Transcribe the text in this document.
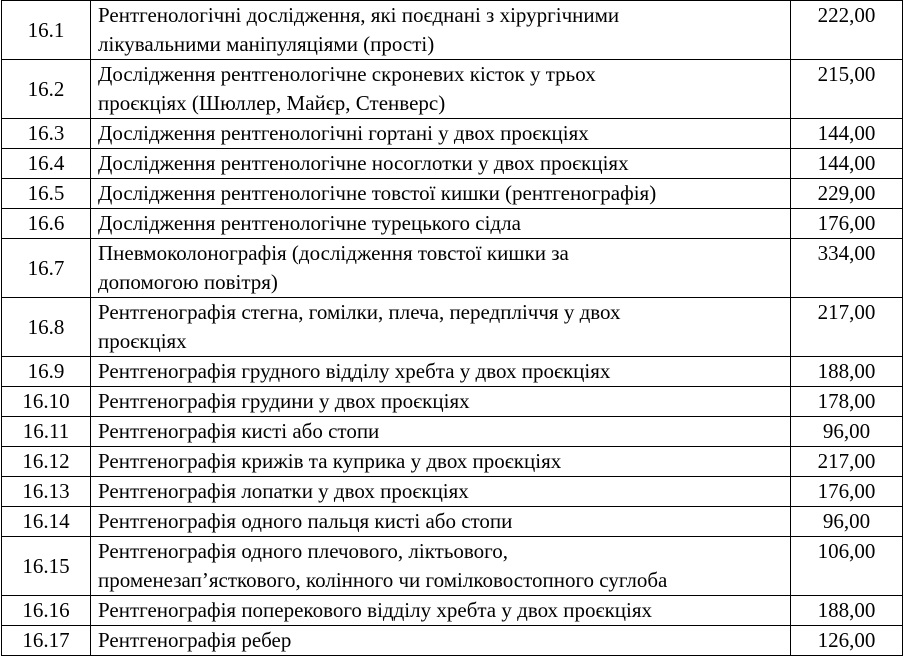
16.1	Рентгенологічні дослідження, які поєднані з хірургічними
лікувальними маніпуляціями (прості)	222,00
16.2	Дослідження рентгенологічне скроневих кісток у трьох
проєкціях (Шюллер, Майєр, Стенверс)	215,00
16.3	Дослідження рентгенологічні гортані у двох проєкціях	144,00
16.4	Дослідження рентгенологічне носоглотки у двох проєкціях	144,00
16.5	Дослідження рентгенологічне товстої кишки (рентгенографія)	229,00
16.6	Дослідження рентгенологічне турецького сідла	176,00
16.7	Пневмоколонографія (дослідження товстої кишки за
допомогою повітря)	334,00
16.8	Рентгенографія стегна, гомілки, плеча, передпліччя у двох
проєкціях	217,00
16.9	Рентгенографія грудного відділу хребта у двох проєкціях	188,00
16.10	Рентгенографія грудини у двох проєкціях	178,00
16.11	Рентгенографія кисті або стопи	96,00
16.12	Рентгенографія крижів та куприка у двох проєкціях	217,00
16.13	Рентгенографія лопатки у двох проєкціях	176,00
16.14	Рентгенографія одного пальця кисті або стопи	96,00
16.15	Рентгенографія одного плечового, ліктьового,
променезап’ясткового, колінного чи гомілковостопного суглоба	106,00
16.16	Рентгенографія поперекового відділу хребта у двох проєкціях	188,00
16.17	Рентгенографія ребер	126,00
